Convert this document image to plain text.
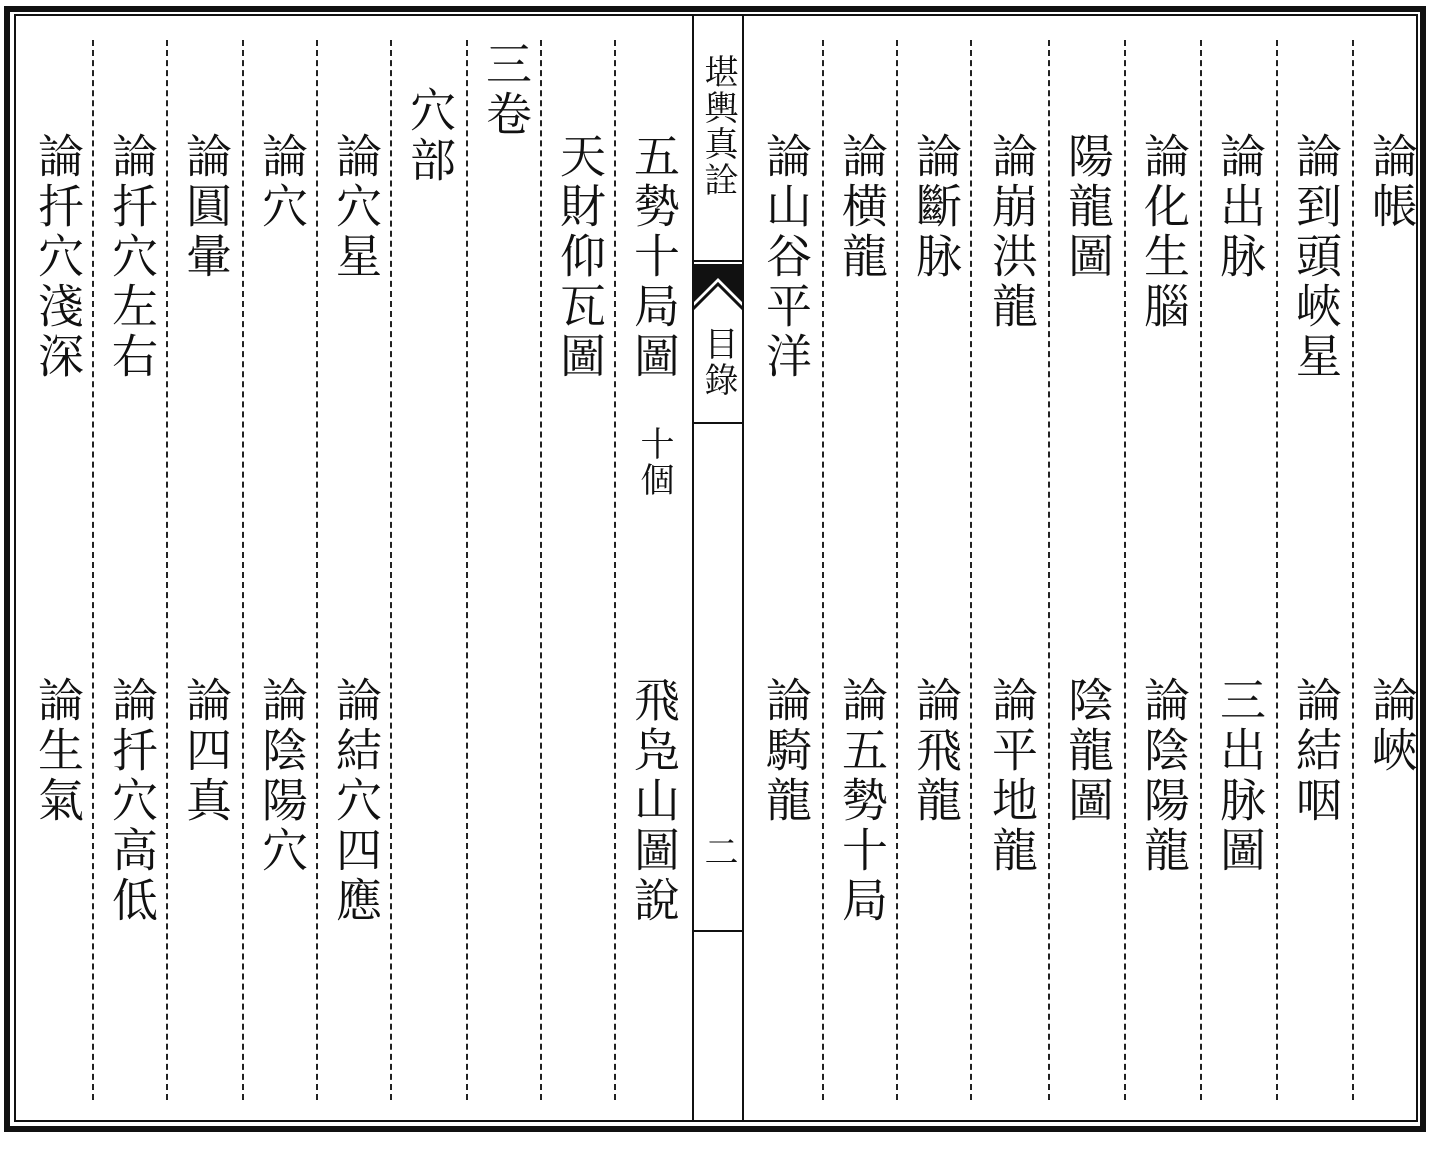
堪輿真詮
目錄
二
論帳
論峽
論到頭峽星
論結咽
論出脉
三出脉圖
論化生腦
論陰陽龍
陽龍圖
陰龍圖
論崩洪龍
論平地龍
論斷脉
論飛龍
論横龍
論五勢十局
論山谷平洋
論騎龍
五勢十局圖
十個
飛凫山圖說
天財仰瓦圖
三卷
穴部
論穴星
論結穴四應
論穴
論陰陽穴
論圓暈
論四真
論扦穴左右
論扦穴高低
論扦穴淺深
論生氣
